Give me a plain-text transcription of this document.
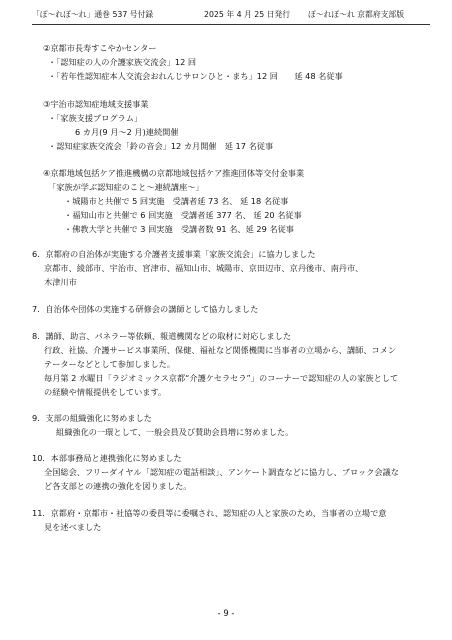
「ぽ～れぽ～れ」通巻 537 号付録	2025 年 4 月 25 日発行 ぽ～れぽ～れ 京都府支部版
②京都市長寿すこやかセンター
・「認知症の人の介護家族交流会」12 回
・「若年性認知症本人交流会おれんじサロンひと・まち」12 回　　延 48 名従事
③宇治市認知症地域支援事業
・「家族支援プログラム」
6 カ月(9 月～2 月)連続開催
・認知症家族交流会「鈴の音会」12 カ月開催　延 17 名従事
④京都地域包括ケア推進機構の京都地域包括ケア推進団体等交付金事業
「家族が学ぶ認知症のこと～連続講座～」
・城陽市と共催で 5 回実施　受講者延 73 名、 延 18 名従事
・福知山市と共催で 6 回実施　受講者延 377 名、 延 20 名従事
・佛教大学と共催で 3 回実施　受講者数 91 名、延 29 名従事
6．京都府の自治体が実施する介護者支援事業「家族交流会」に協力しました
京都市、綾部市、宇治市、宮津市、福知山市、城陽市、京田辺市、京丹後市、南丹市、
木津川市
7．自治体や団体の実施する研修会の講師として協力しました
8．講師、助言、パネラー等依頼、報道機関などの取材に対応しました
行政、社協、介護サービス事業所、保健、福祉など関係機関に当事者の立場から、講師、コメン
テーターなどとして参加しました。
毎月第 2 水曜日「ラジオミックス京都“介護ケセラセラ”」のコーナーで認知症の人の家族として
の経験や情報提供をしています。
9．支部の組織強化に努めました
組織強化の一環として、一般会員及び賛助会員増に努めました。
10．本部事務局と連携強化に努めました
全国総会、フリーダイヤル「認知症の電話相談」、アンケート調査などに協力し、ブロック会議な
ど各支部との連携の強化を図りました。
11．京都府・京都市・社協等の委員等に委嘱され、認知症の人と家族のため、当事者の立場で意
見を述べました
- 9 -
